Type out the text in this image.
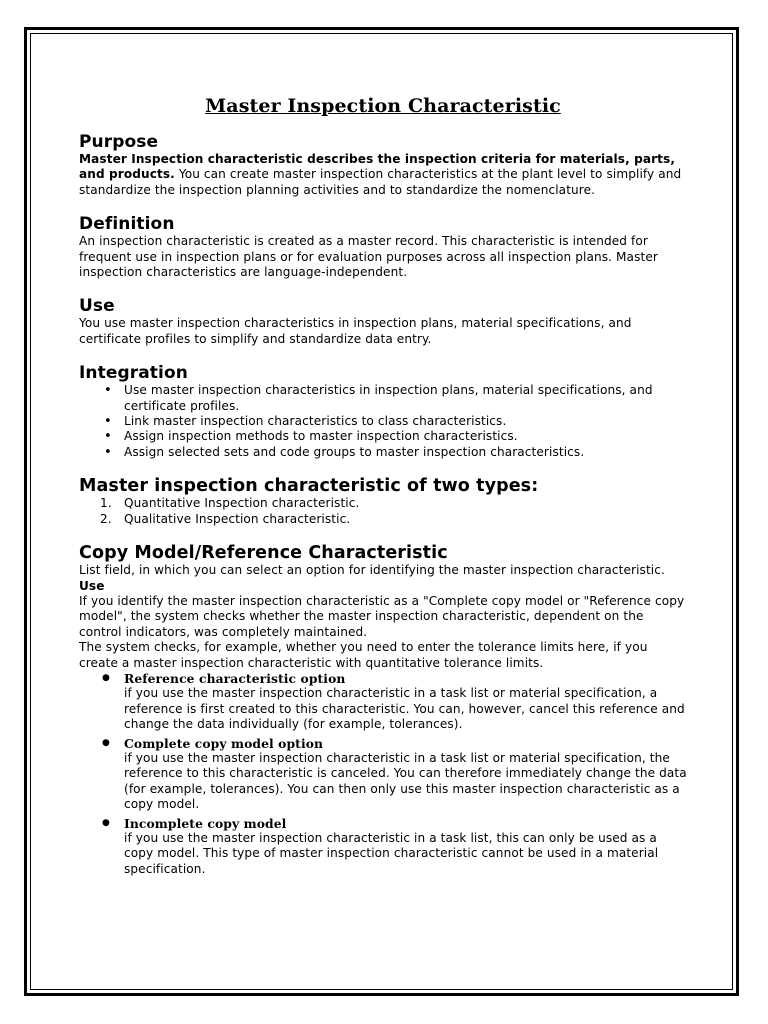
Master Inspection Characteristic
Purpose

Master Inspection characteristic describes the inspection criteria for materials, parts, and products. You can create master inspection characteristics at the plant level to simplify and standardize the inspection planning activities and to standardize the nomenclature.

Definition

An inspection characteristic is created as a master record. This characteristic is intended for frequent use in inspection plans or for evaluation purposes across all inspection plans. Master inspection characteristics are language-independent.

Use

You use master inspection characteristics in inspection plans, material specifications, and certificate profiles to simplify and standardize data entry.

Integration
• Use master inspection characteristics in inspection plans, material specifications, and certificate profiles.
• Link master inspection characteristics to class characteristics.
• Assign inspection methods to master inspection characteristics.
• Assign selected sets and code groups to master inspection characteristics.
Master inspection characteristic of two types:
1. Quantitative Inspection characteristic.
2. Qualitative Inspection characteristic.
Copy Model/Reference Characteristic

List field, in which you can select an option for identifying the master inspection characteristic.

Use

If you identify the master inspection characteristic as a "Complete copy model or "Reference copy model", the system checks whether the master inspection characteristic, dependent on the control indicators, was completely maintained.

The system checks, for example, whether you need to enter the tolerance limits here, if you create a master inspection characteristic with quantitative tolerance limits.

● Reference characteristic option
if you use the master inspection characteristic in a task list or material specification, a reference is first created to this characteristic. You can, however, cancel this reference and change the data individually (for example, tolerances).
● Complete copy model option
if you use the master inspection characteristic in a task list or material specification, the reference to this characteristic is canceled. You can therefore immediately change the data (for example, tolerances). You can then only use this master inspection characteristic as a copy model.
● Incomplete copy model
if you use the master inspection characteristic in a task list, this can only be used as a copy model. This type of master inspection characteristic cannot be used in a material specification.
